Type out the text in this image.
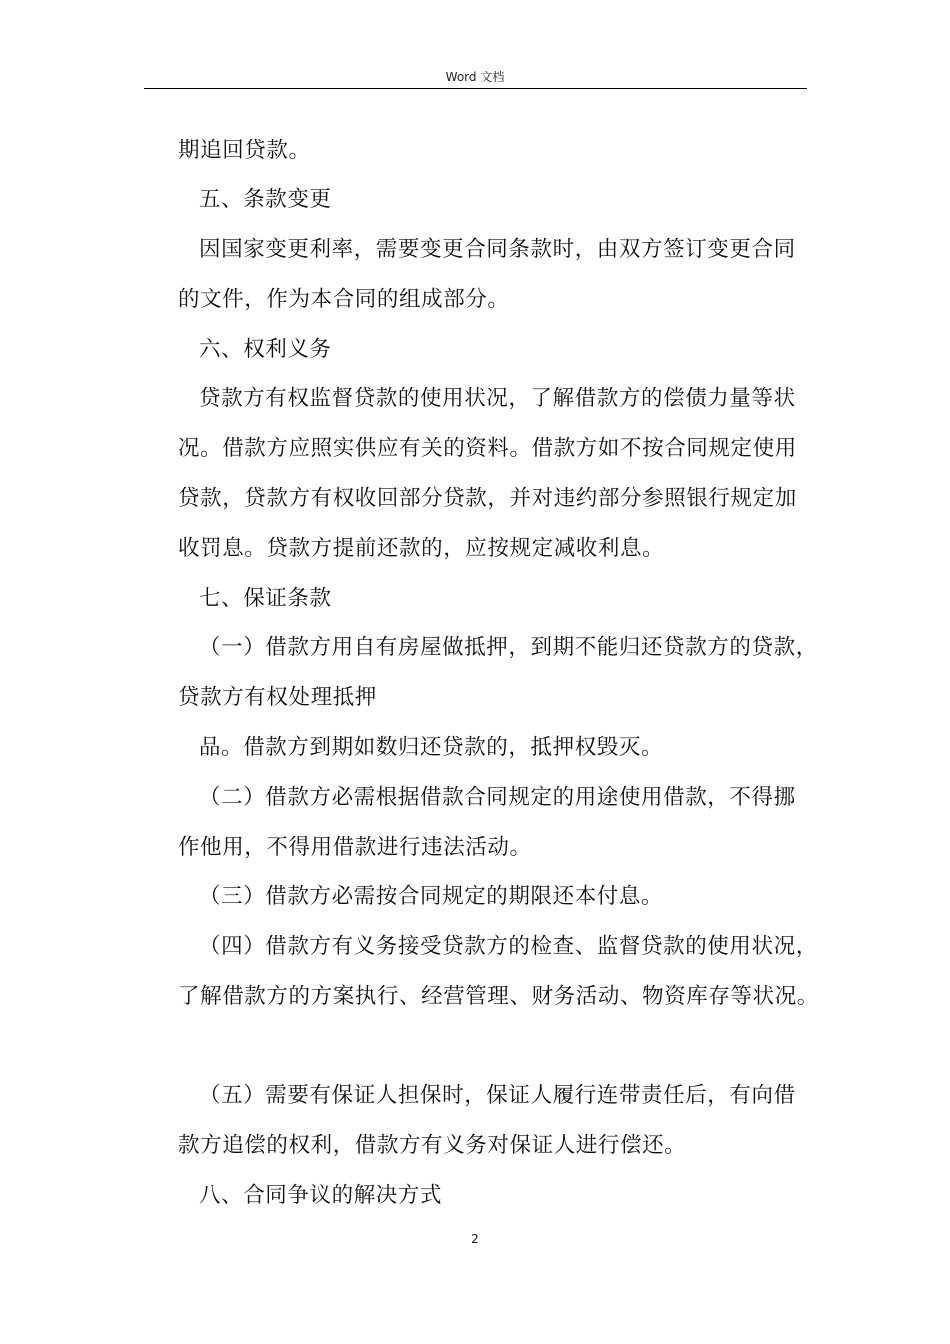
Word 文档
期追回贷款。
五、条款变更
因国家变更利率，需要变更合同条款时，由双方签订变更合同
的文件，作为本合同的组成部分。
六、权利义务
贷款方有权监督贷款的使用状况，了解借款方的偿债力量等状
况。借款方应照实供应有关的资料。借款方如不按合同规定使用
贷款，贷款方有权收回部分贷款，并对违约部分参照银行规定加
收罚息。贷款方提前还款的，应按规定减收利息。
七、保证条款
（一）借款方用自有房屋做抵押，到期不能归还贷款方的贷款，
贷款方有权处理抵押
品。借款方到期如数归还贷款的，抵押权毁灭。
（二）借款方必需根据借款合同规定的用途使用借款，不得挪
作他用，不得用借款进行违法活动。
（三）借款方必需按合同规定的期限还本付息。
（四）借款方有义务接受贷款方的检查、监督贷款的使用状况，
了解借款方的方案执行、经营管理、财务活动、物资库存等状况。
（五）需要有保证人担保时，保证人履行连带责任后，有向借
款方追偿的权利，借款方有义务对保证人进行偿还。
八、合同争议的解决方式
2
